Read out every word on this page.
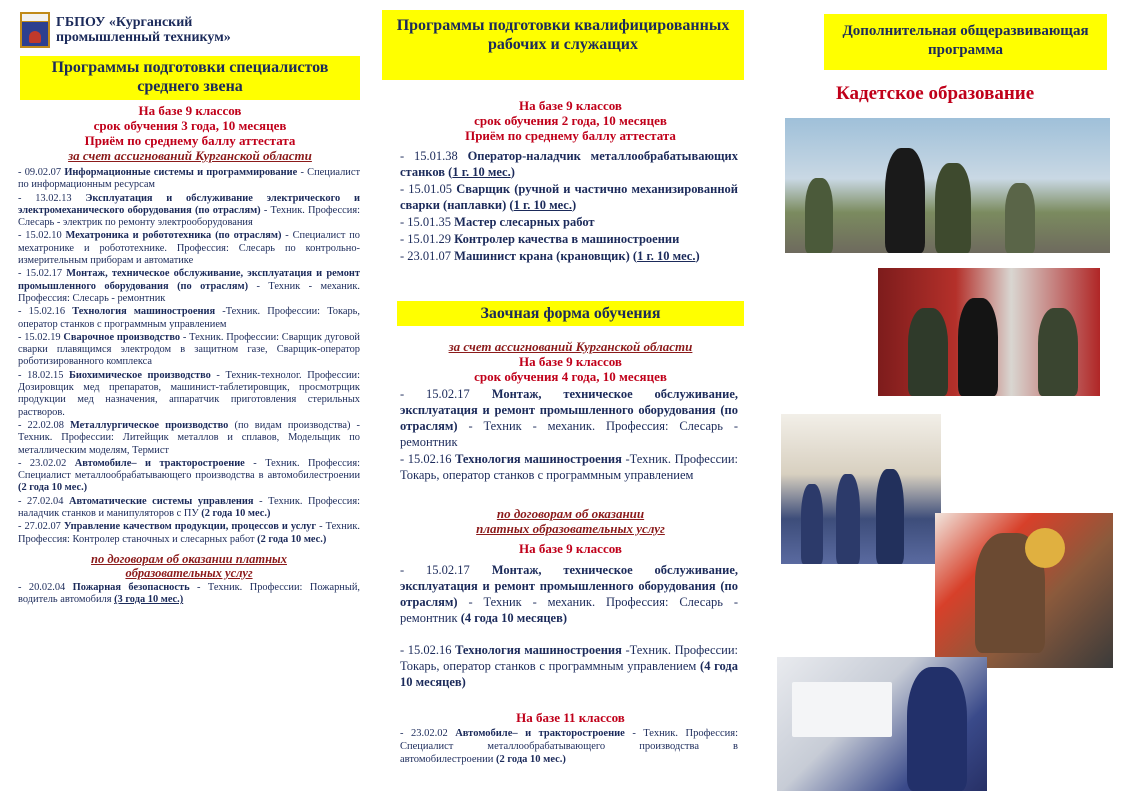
ГБПОУ «Курганский промышленный техникум»
Программы подготовки специалистов среднего звена

На базе 9 классов

срок обучения 3 года, 10 месяцев

Приём по среднему баллу аттестата

за счет ассигнований Курганской области

- 09.02.07 Информационные системы и программирование - Специалист по информационным ресурсам

- 13.02.13 Эксплуатация и обслуживание электрического и электромеханического оборудования (по отраслям) - Техник. Профессия: Слесарь - электрик по ремонту электрооборудования

- 15.02.10 Мехатроника и робототехника (по отраслям) - Специалист по мехатронике и робототехнике. Профессия: Слесарь по контрольно-измерительным приборам и автоматике

- 15.02.17 Монтаж, техническое обслуживание, эксплуатация и ремонт промышленного оборудования (по отраслям) - Техник - механик. Профессия: Слесарь - ремонтник

- 15.02.16 Технология машиностроения -Техник. Профессии: Токарь, оператор станков с программным управлением

- 15.02.19 Сварочное производство - Техник. Профессии: Сварщик дуговой сварки плавящимся электродом в защитном газе, Сварщик-оператор роботизированного комплекса

- 18.02.15 Биохимическое производство - Техник-технолог. Профессии: Дозировщик мед препаратов, машинист-таблетировщик, просмотрщик продукции мед назначения, аппаратчик приготовления стерильных растворов.

- 22.02.08 Металлургическое производство (по видам производства) - Техник. Профессии: Литейщик металлов и сплавов, Модельщик по металлическим моделям, Термист

- 23.02.02 Автомобиле– и тракторостроение - Техник. Профессия: Специалист металлообрабатывающего производства в автомобилестроении (2 года 10 мес.)

- 27.02.04 Автоматические системы управления - Техник. Профессия: наладчик станков и манипуляторов с ПУ (2 года 10 мес.)

- 27.02.07 Управление качеством продукции, процессов и услуг - Техник. Профессия: Контролер станочных и слесарных работ (2 года 10 мес.)

по договорам об оказании платных
образовательных услуг

- 20.02.04 Пожарная безопасность - Техник. Профессии: Пожарный, водитель автомобиля (3 года 10 мес.)

Программы подготовки квалифицированных рабочих и служащих

На базе 9 классов

срок обучения 2 года, 10 месяцев

Приём по среднему баллу аттестата

- 15.01.38 Оператор-наладчик металлообрабатывающих станков (1 г. 10 мес.)

- 15.01.05 Сварщик (ручной и частично механизированной сварки (наплавки) (1 г. 10 мес.)

- 15.01.35 Мастер слесарных работ

- 15.01.29 Контролер качества в машиностроении

- 23.01.07 Машинист крана (крановщик) (1 г. 10 мес.)

Заочная форма обучения

за счет ассигнований Курганской области

На базе 9 классов

срок обучения 4 года, 10 месяцев

- 15.02.17 Монтаж, техническое обслуживание, эксплуатация и ремонт промышленного оборудования (по отраслям) - Техник - механик. Профессия: Слесарь - ремонтник

- 15.02.16 Технология машиностроения -Техник. Профессии: Токарь, оператор станков с программным управлением

по договорам об оказании

платных образовательных услуг

На базе 9 классов

- 15.02.17 Монтаж, техническое обслуживание, эксплуатация и ремонт промышленного оборудования (по отраслям) - Техник - механик. Профессия: Слесарь - ремонтник (4 года 10 месяцев)

- 15.02.16 Технология машиностроения -Техник. Профессии: Токарь, оператор станков с программным управлением (4 года 10 месяцев)

На базе 11 классов

- 23.02.02 Автомобиле– и тракторостроение - Техник. Профессия: Специалист металлообрабатывающего производства в автомобилестроении (2 года 10 мес.)

Дополнительная общеразвивающая программа
Кадетское образование
